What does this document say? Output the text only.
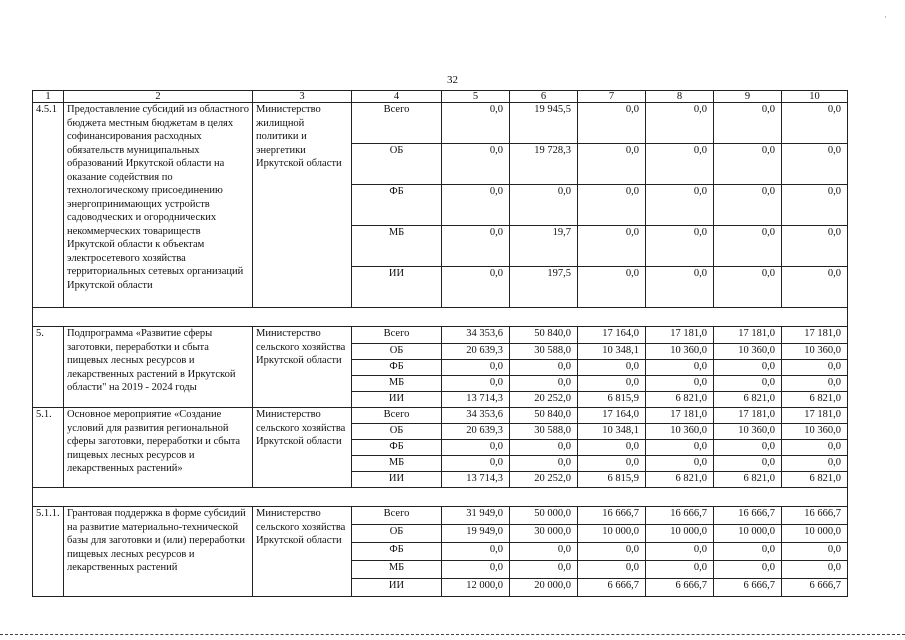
·
32
1	2	3	4	5	6	7	8	9	10
4.5.1	Предоставление субсидий из областного бюджета местным бюджетам в целях софинансирования расходных обязательств муниципальных образований Иркутской области на оказание содействия по технологическому присоединению энергопринимающих устройств садоводческих и огороднических некоммерческих товариществ Иркутской области к объектам электросетевого хозяйства территориальных сетевых организаций Иркутской области	Министерство жилищной политики и энергетики Иркутской области	Всего	0,0	19 945,5	0,0	0,0	0,0	0,0
			ОБ	0,0	19 728,3	0,0	0,0	0,0	0,0
			ФБ	0,0	0,0	0,0	0,0	0,0	0,0
			МБ	0,0	19,7	0,0	0,0	0,0	0,0
			ИИ	0,0	197,5	0,0	0,0	0,0	0,0

5.	Подпрограмма «Развитие сферы заготовки, переработки и сбыта пищевых лесных ресурсов и лекарственных растений в Иркутской области" на 2019 - 2024 годы	Министерство сельского хозяйства Иркутской области	Всего	34 353,6	50 840,0	17 164,0	17 181,0	17 181,0	17 181,0
			ОБ	20 639,3	30 588,0	10 348,1	10 360,0	10 360,0	10 360,0
			ФБ	0,0	0,0	0,0	0,0	0,0	0,0
			МБ	0,0	0,0	0,0	0,0	0,0	0,0
			ИИ	13 714,3	20 252,0	6 815,9	6 821,0	6 821,0	6 821,0
5.1.	Основное мероприятие «Создание условий для развития региональной сферы заготовки, переработки и сбыта пищевых лесных ресурсов и лекарственных растений»	Министерство сельского хозяйства Иркутской области	Всего	34 353,6	50 840,0	17 164,0	17 181,0	17 181,0	17 181,0
			ОБ	20 639,3	30 588,0	10 348,1	10 360,0	10 360,0	10 360,0
			ФБ	0,0	0,0	0,0	0,0	0,0	0,0
			МБ	0,0	0,0	0,0	0,0	0,0	0,0
			ИИ	13 714,3	20 252,0	6 815,9	6 821,0	6 821,0	6 821,0

5.1.1.	Грантовая поддержка в форме субсидий на развитие материально-технической базы для заготовки и (или) переработки пищевых лесных ресурсов и лекарственных растений	Министерство сельского хозяйства Иркутской области	Всего	31 949,0	50 000,0	16 666,7	16 666,7	16 666,7	16 666,7
			ОБ	19 949,0	30 000,0	10 000,0	10 000,0	10 000,0	10 000,0
			ФБ	0,0	0,0	0,0	0,0	0,0	0,0
			МБ	0,0	0,0	0,0	0,0	0,0	0,0
			ИИ	12 000,0	20 000,0	6 666,7	6 666,7	6 666,7	6 666,7
